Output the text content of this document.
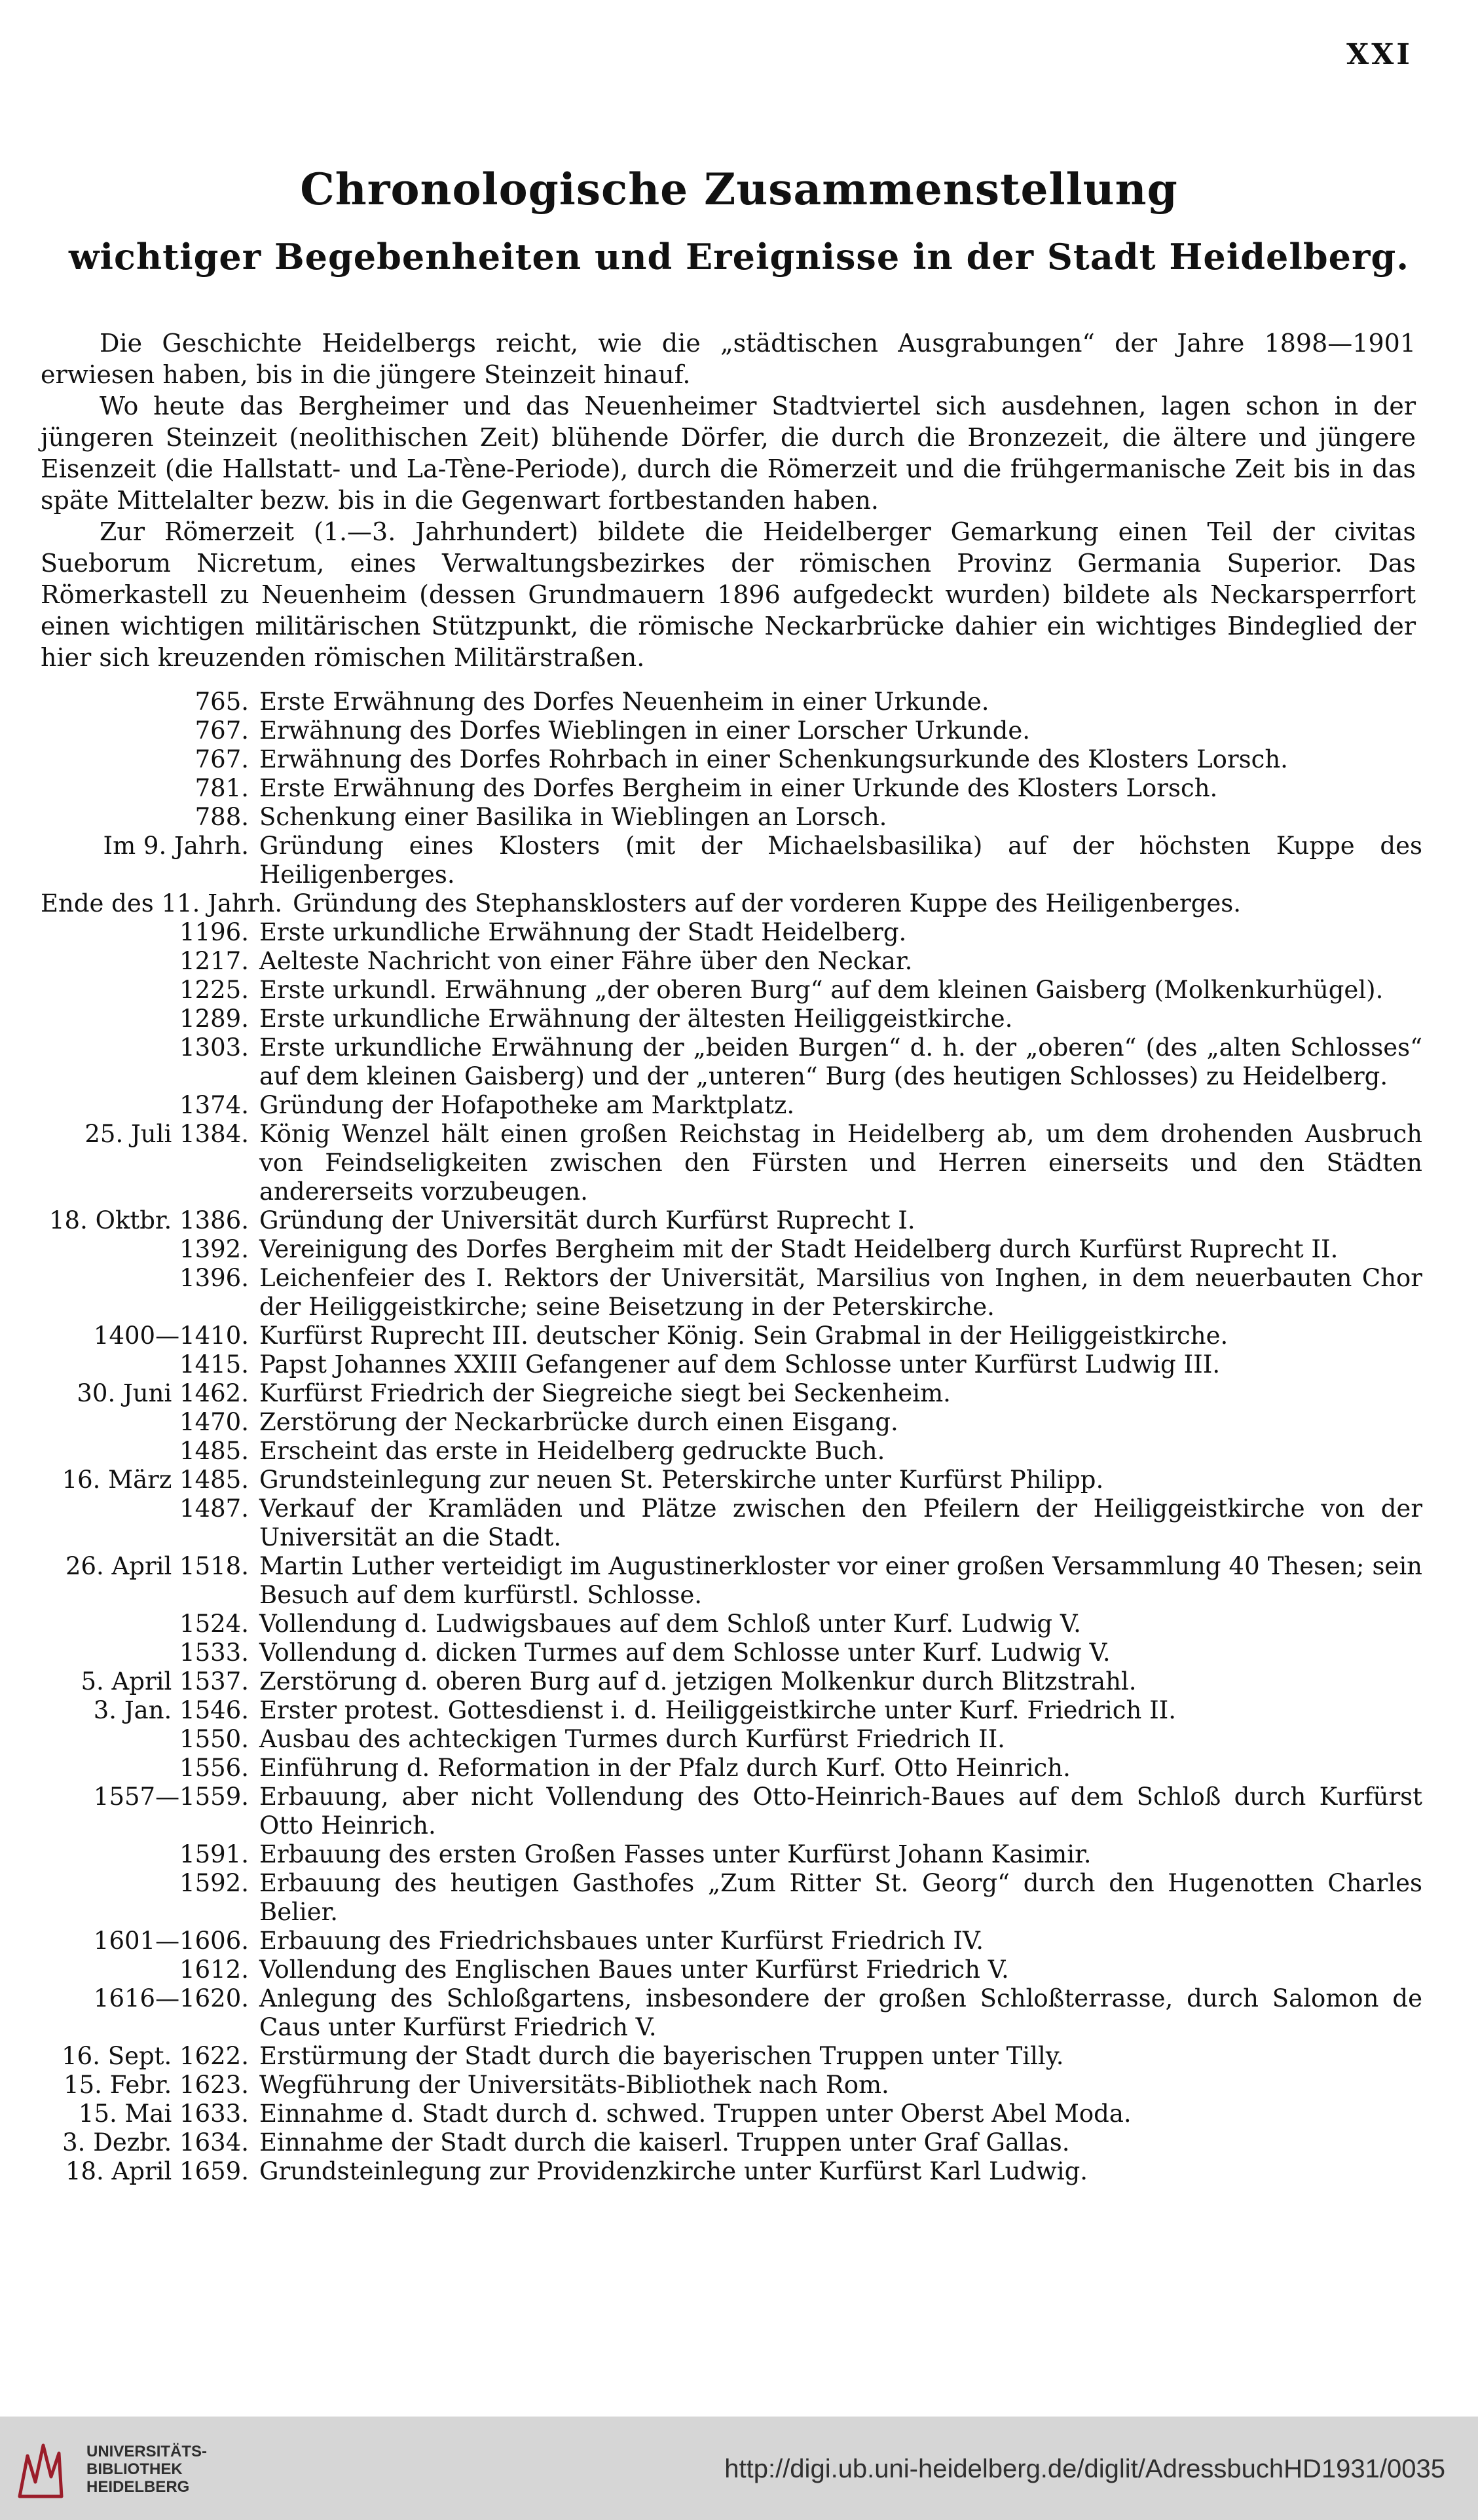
XXI
Chronologische Zusammenstellung
wichtiger Begebenheiten und Ereignisse in der Stadt Heidelberg.

Die Geschichte Heidelbergs reicht, wie die „städtischen Ausgrabungen“ der Jahre 1898—1901 erwiesen haben, bis in die jüngere Steinzeit hinauf.

Wo heute das Bergheimer und das Neuenheimer Stadtviertel sich ausdehnen, lagen schon in der jüngeren Steinzeit (neolithischen Zeit) blühende Dörfer, die durch die Bronzezeit, die ältere und jüngere Eisenzeit (die Hallstatt- und La-Tène-Periode), durch die Römerzeit und die frühgermanische Zeit bis in das späte Mittelalter bezw. bis in die Gegenwart fortbestanden haben.

Zur Römerzeit (1.—3. Jahrhundert) bildete die Heidelberger Gemarkung einen Teil der civitas Sueborum Nicretum, eines Verwaltungsbezirkes der römischen Provinz Germania Superior. Das Römerkastell zu Neuenheim (dessen Grundmauern 1896 aufgedeckt wurden) bildete als Neckarsperrfort einen wichtigen militärischen Stützpunkt, die römische Neckarbrücke dahier ein wichtiges Bindeglied der hier sich kreuzenden römischen Militärstraßen.

765. Erste Erwähnung des Dorfes Neuenheim in einer Urkunde.
767. Erwähnung des Dorfes Wieblingen in einer Lorscher Urkunde.
767. Erwähnung des Dorfes Rohrbach in einer Schenkungsurkunde des Klosters Lorsch.
781. Erste Erwähnung des Dorfes Bergheim in einer Urkunde des Klosters Lorsch.
788. Schenkung einer Basilika in Wieblingen an Lorsch.
Im 9. Jahrh. Gründung eines Klosters (mit der Michaelsbasilika) auf der höchsten Kuppe des Heiligenberges.
Ende des 11. Jahrh. Gründung des Stephansklosters auf der vorderen Kuppe des Heiligenberges.
1196. Erste urkundliche Erwähnung der Stadt Heidelberg.
1217. Aelteste Nachricht von einer Fähre über den Neckar.
1225. Erste urkundl. Erwähnung „der oberen Burg“ auf dem kleinen Gaisberg (Molkenkurhügel).
1289. Erste urkundliche Erwähnung der ältesten Heiliggeistkirche.
1303. Erste urkundliche Erwähnung der „beiden Burgen“ d. h. der „oberen“ (des „alten Schlosses“ auf dem kleinen Gaisberg) und der „unteren“ Burg (des heutigen Schlosses) zu Heidelberg.
1374. Gründung der Hofapotheke am Marktplatz.
25. Juli 1384. König Wenzel hält einen großen Reichstag in Heidelberg ab, um dem drohenden Ausbruch von Feindseligkeiten zwischen den Fürsten und Herren einerseits und den Städten andererseits vorzubeugen.
18. Oktbr. 1386. Gründung der Universität durch Kurfürst Ruprecht I.
1392. Vereinigung des Dorfes Bergheim mit der Stadt Heidelberg durch Kurfürst Ruprecht II.
1396. Leichenfeier des I. Rektors der Universität, Marsilius von Inghen, in dem neuerbauten Chor der Heiliggeistkirche; seine Beisetzung in der Peterskirche.
1400—1410. Kurfürst Ruprecht III. deutscher König. Sein Grabmal in der Heiliggeistkirche.
1415. Papst Johannes XXIII Gefangener auf dem Schlosse unter Kurfürst Ludwig III.
30. Juni 1462. Kurfürst Friedrich der Siegreiche siegt bei Seckenheim.
1470. Zerstörung der Neckarbrücke durch einen Eisgang.
1485. Erscheint das erste in Heidelberg gedruckte Buch.
16. März 1485. Grundsteinlegung zur neuen St. Peterskirche unter Kurfürst Philipp.
1487. Verkauf der Kramläden und Plätze zwischen den Pfeilern der Heiliggeistkirche von der Universität an die Stadt.
26. April 1518. Martin Luther verteidigt im Augustinerkloster vor einer großen Versammlung 40 Thesen; sein Besuch auf dem kurfürstl. Schlosse.
1524. Vollendung d. Ludwigsbaues auf dem Schloß unter Kurf. Ludwig V.
1533. Vollendung d. dicken Turmes auf dem Schlosse unter Kurf. Ludwig V.
5. April 1537. Zerstörung d. oberen Burg auf d. jetzigen Molkenkur durch Blitzstrahl.
3. Jan. 1546. Erster protest. Gottesdienst i. d. Heiliggeistkirche unter Kurf. Friedrich II.
1550. Ausbau des achteckigen Turmes durch Kurfürst Friedrich II.
1556. Einführung d. Reformation in der Pfalz durch Kurf. Otto Heinrich.
1557—1559. Erbauung, aber nicht Vollendung des Otto-Heinrich-Baues auf dem Schloß durch Kurfürst Otto Heinrich.
1591. Erbauung des ersten Großen Fasses unter Kurfürst Johann Kasimir.
1592. Erbauung des heutigen Gasthofes „Zum Ritter St. Georg“ durch den Hugenotten Charles Belier.
1601—1606. Erbauung des Friedrichsbaues unter Kurfürst Friedrich IV.
1612. Vollendung des Englischen Baues unter Kurfürst Friedrich V.
1616—1620. Anlegung des Schloßgartens, insbesondere der großen Schloßterrasse, durch Salomon de Caus unter Kurfürst Friedrich V.
16. Sept. 1622. Erstürmung der Stadt durch die bayerischen Truppen unter Tilly.
15. Febr. 1623. Wegführung der Universitäts-Bibliothek nach Rom.
15. Mai 1633. Einnahme d. Stadt durch d. schwed. Truppen unter Oberst Abel Moda.
3. Dezbr. 1634. Einnahme der Stadt durch die kaiserl. Truppen unter Graf Gallas.
18. April 1659. Grundsteinlegung zur Providenzkirche unter Kurfürst Karl Ludwig.
UNIVERSITÄTS-
BIBLIOTHEK
HEIDELBERG
http://digi.ub.uni-heidelberg.de/diglit/AdressbuchHD1931/0035
